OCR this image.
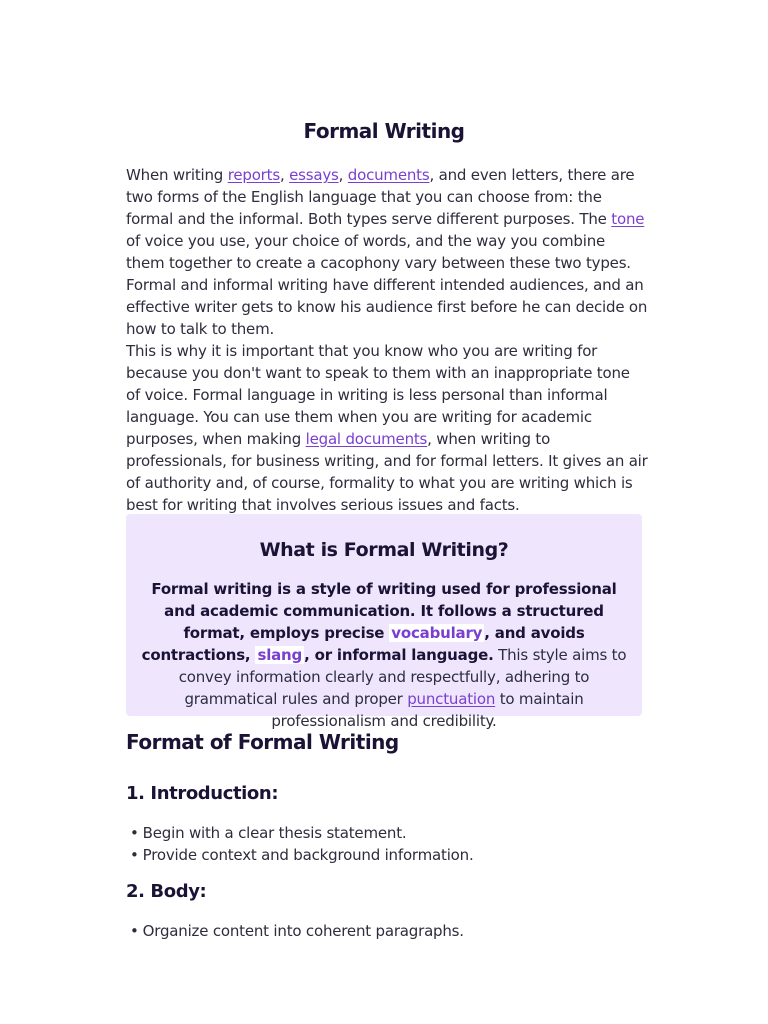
Formal Writing

When writing reports, essays, documents, and even letters, there are two forms of the English language that you can choose from: the formal and the informal. Both types serve different purposes. The tone of voice you use, your choice of words, and the way you combine them together to create a cacophony vary between these two types. Formal and informal writing have different intended audiences, and an effective writer gets to know his audience first before he can decide on how to talk to them.

This is why it is important that you know who you are writing for because you don't want to speak to them with an inappropriate tone of voice. Formal language in writing is less personal than informal language. You can use them when you are writing for academic purposes, when making legal documents, when writing to professionals, for business writing, and for formal letters. It gives an air of authority and, of course, formality to what you are writing which is best for writing that involves serious issues and facts.

What is Formal Writing?

Formal writing is a style of writing used for professional and academic communication. It follows a structured format, employs precise vocabulary , and avoids contractions, slang , or informal language. This style aims to convey information clearly and respectfully, adhering to grammatical rules and proper punctuation to maintain professionalism and credibility.

Format of Formal Writing
1. Introduction:
• Begin with a clear thesis statement.
• Provide context and background information.
2. Body:
• Organize content into coherent paragraphs.
